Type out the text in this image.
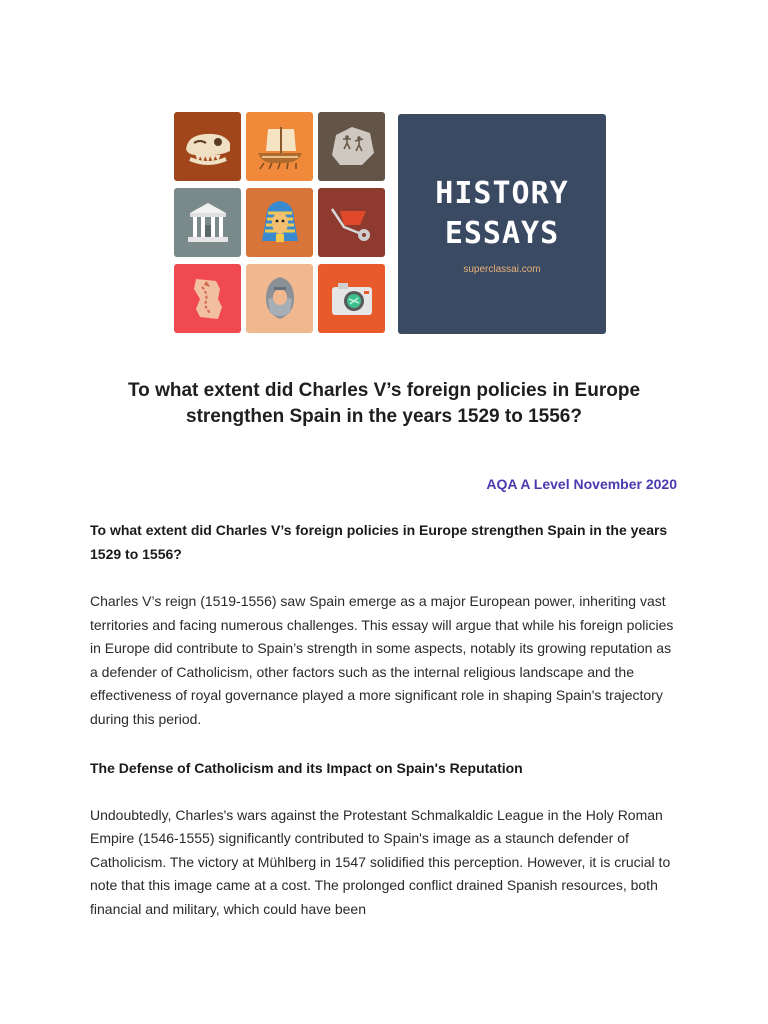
HISTORY
ESSAYS
superclassai.com
To what extent did Charles V’s foreign policies in Europe strengthen Spain in the years 1529 to 1556?
AQA A Level November 2020

To what extent did Charles V’s foreign policies in Europe strengthen Spain in the years 1529 to 1556?

Charles V’s reign (1519-1556) saw Spain emerge as a major European power, inheriting vast territories and facing numerous challenges. This essay will argue that while his foreign policies in Europe did contribute to Spain’s strength in some aspects, notably its growing reputation as a defender of Catholicism, other factors such as the internal religious landscape and the effectiveness of royal governance played a more significant role in shaping Spain's trajectory during this period.

The Defense of Catholicism and its Impact on Spain's Reputation

Undoubtedly, Charles's wars against the Protestant Schmalkaldic League in the Holy Roman Empire (1546-1555) significantly contributed to Spain's image as a staunch defender of Catholicism. The victory at Mühlberg in 1547 solidified this perception. However, it is crucial to note that this image came at a cost. The prolonged conflict drained Spanish resources, both financial and military, which could have been
